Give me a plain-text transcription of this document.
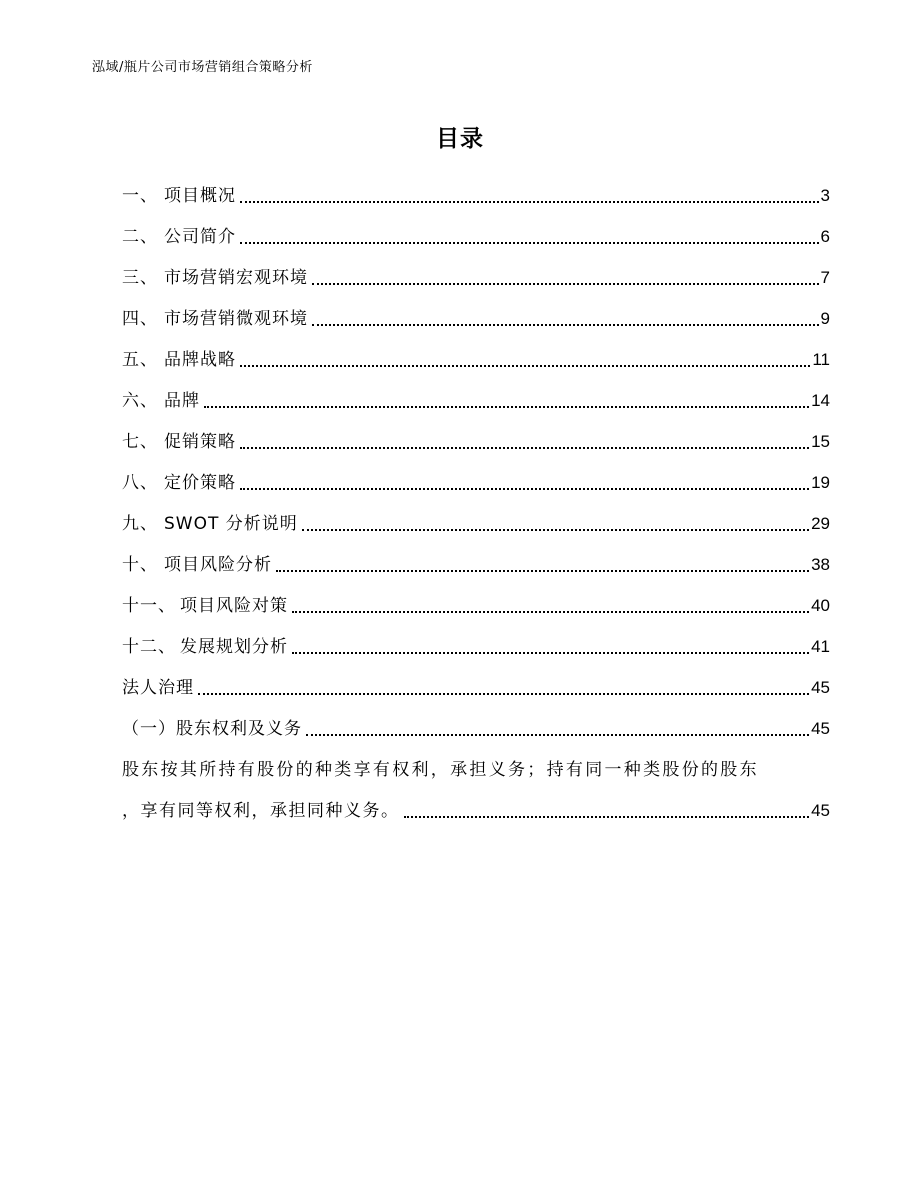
泓域/瓶片公司市场营销组合策略分析
目录
一、 项目概况	3
二、 公司简介	6
三、 市场营销宏观环境	7
四、 市场营销微观环境	9
五、 品牌战略	11
六、 品牌	14
七、 促销策略	15
八、 定价策略	19
九、 SWOT 分析说明	29
十、 项目风险分析	38
十一、 项目风险对策	40
十二、 发展规划分析	41
法人治理	45
（一）股东权利及义务	45
股东按其所持有股份的种类享有权利，承担义务；持有同一种类股份的股东
，享有同等权利，承担同种义务。	45
